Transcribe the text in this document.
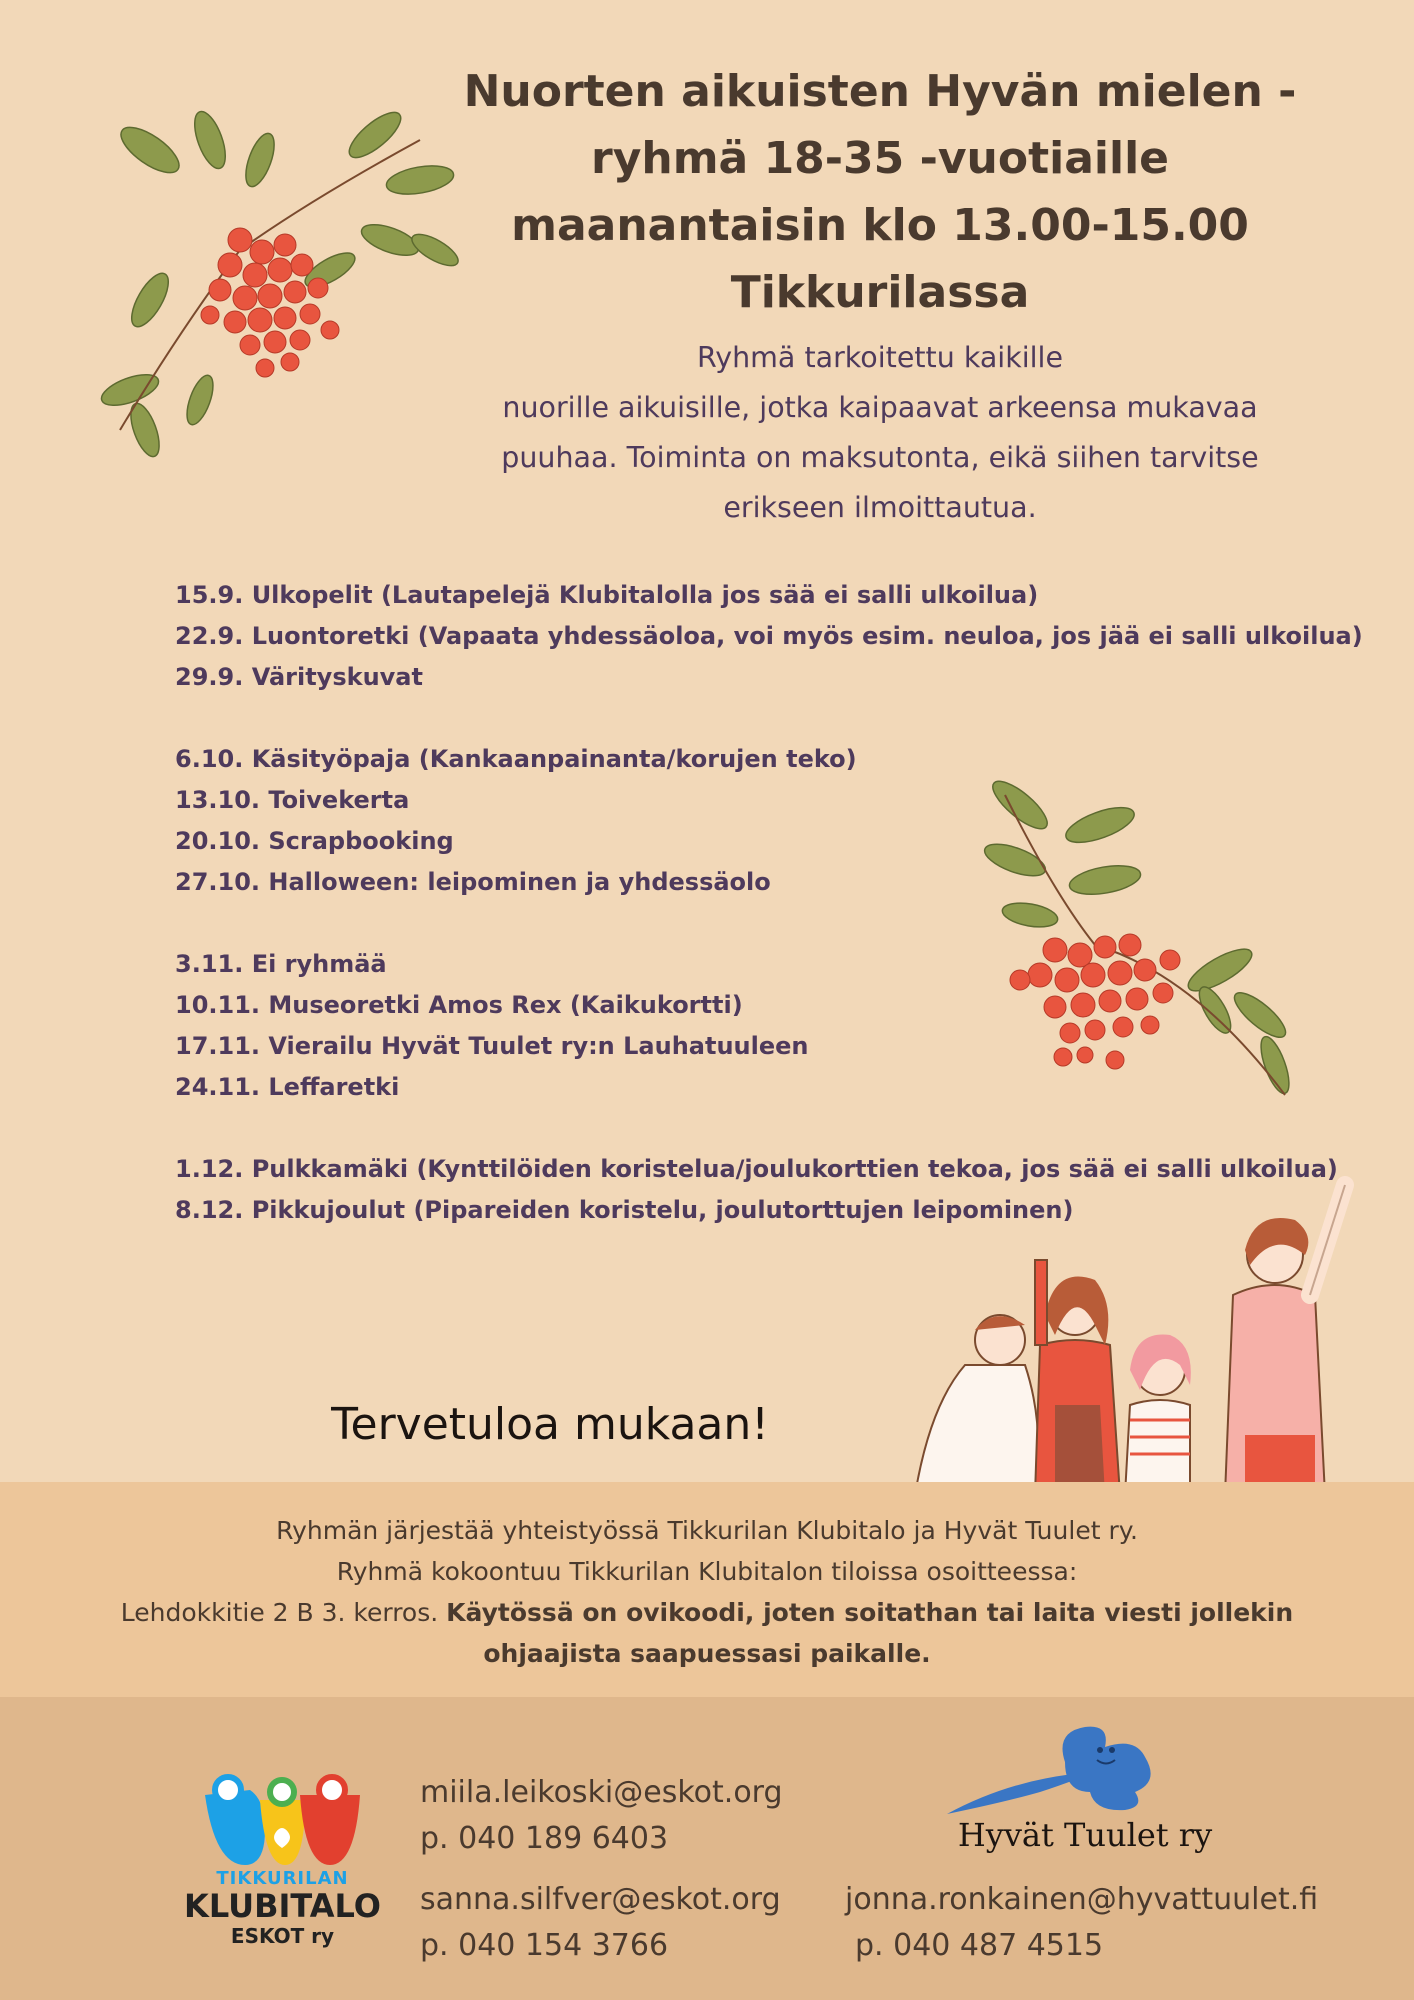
Nuorten aikuisten Hyvän mielen -
ryhmä 18-35 -vuotiaille
maanantaisin klo 13.00-15.00
Tikkurilassa
Ryhmä tarkoitettu kaikille
nuorille aikuisille, jotka kaipaavat arkeensa mukavaa
puuhaa. Toiminta on maksutonta, eikä siihen tarvitse
erikseen ilmoittautua.
15.9. Ulkopelit (Lautapelejä Klubitalolla jos sää ei salli ulkoilua)
22.9. Luontoretki (Vapaata yhdessäoloa, voi myös esim. neuloa, jos jää ei salli ulkoilua)
29.9. Värityskuvat
6.10. Käsityöpaja (Kankaanpainanta/korujen teko)
13.10. Toivekerta
20.10. Scrapbooking
27.10. Halloween: leipominen ja yhdessäolo
3.11. Ei ryhmää
10.11. Museoretki Amos Rex (Kaikukortti)
17.11. Vierailu Hyvät Tuulet ry:n Lauhatuuleen
24.11. Leffaretki
1.12. Pulkkamäki (Kynttilöiden koristelua/joulukorttien tekoa, jos sää ei salli ulkoilua)
8.12. Pikkujoulut (Pipareiden koristelu, joulutorttujen leipominen)
Tervetuloa mukaan!
Ryhmän järjestää yhteistyössä Tikkurilan Klubitalo ja Hyvät Tuulet ry.
Ryhmä kokoontuu Tikkurilan Klubitalon tiloissa osoitteessa:
Lehdokkitie 2 B 3. kerros. Käytössä on ovikoodi, joten soitathan tai laita viesti jollekin
ohjaajista saapuessasi paikalle.
TIKKURILAN
KLUBITALO
ESKOT ry
miila.leikoski@eskot.org
p. 040 189 6403
sanna.silfver@eskot.org
p. 040 154 3766
Hyvät Tuulet ry
jonna.ronkainen@hyvattuulet.fi
p. 040 487 4515
